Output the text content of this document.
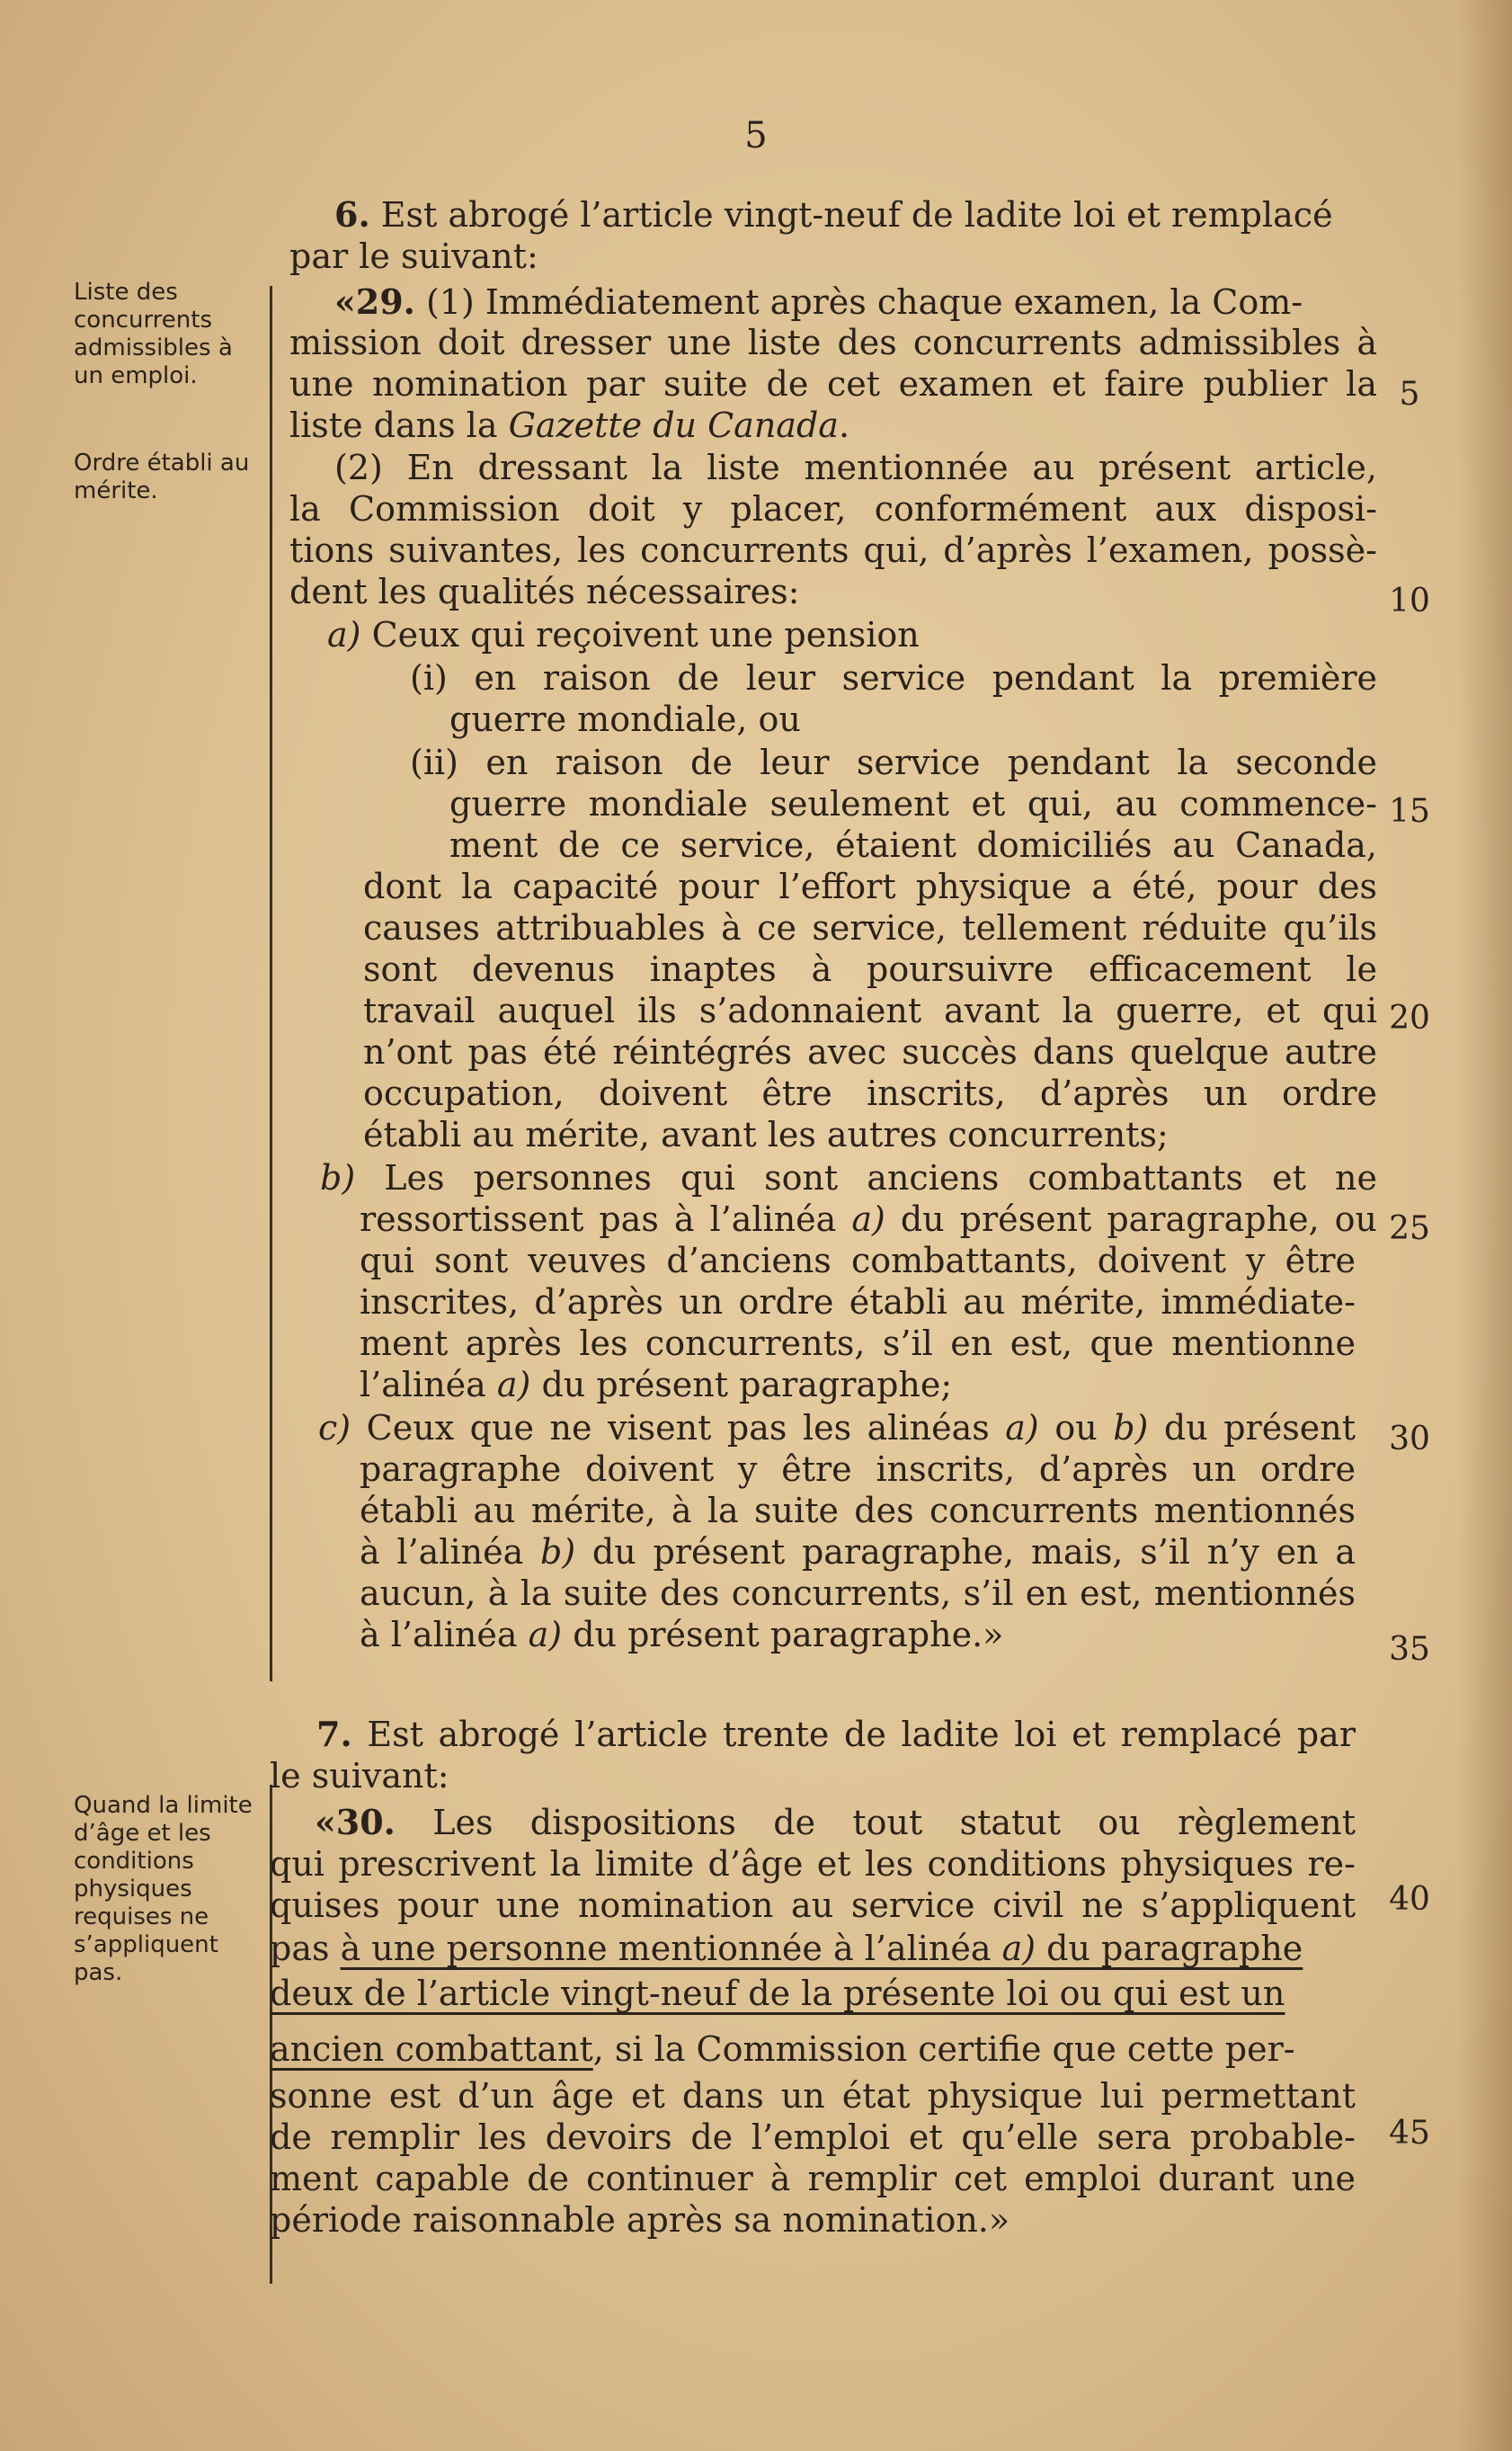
5
Liste des concurrents admissibles à un emploi.
Ordre établi au mérite.
Quand la limite d’âge et les conditions physiques requises ne s’appliquent pas.
6. Est abrogé l’article vingt-neuf de ladite loi et remplacé
par le suivant:
«29. (1) Immédiatement après chaque examen, la Com-
mission doit dresser une liste des concurrents admissibles à
une nomination par suite de cet examen et faire publier la
liste dans la Gazette du Canada.
(2) En dressant la liste mentionnée au présent article,
la Commission doit y placer, conformément aux disposi-
tions suivantes, les concurrents qui, d’après l’examen, possè-
dent les qualités nécessaires:
a) Ceux qui reçoivent une pension
(i) en raison de leur service pendant la première
guerre mondiale, ou
(ii) en raison de leur service pendant la seconde
guerre mondiale seulement et qui, au commence-
ment de ce service, étaient domiciliés au Canada,
dont la capacité pour l’effort physique a été, pour des
causes attribuables à ce service, tellement réduite qu’ils
sont devenus inaptes à poursuivre efficacement le
travail auquel ils s’adonnaient avant la guerre, et qui
n’ont pas été réintégrés avec succès dans quelque autre
occupation, doivent être inscrits, d’après un ordre
établi au mérite, avant les autres concurrents;
b) Les personnes qui sont anciens combattants et ne
ressortissent pas à l’alinéa a) du présent paragraphe, ou
qui sont veuves d’anciens combattants, doivent y être
inscrites, d’après un ordre établi au mérite, immédiate-
ment après les concurrents, s’il en est, que mentionne
l’alinéa a) du présent paragraphe;
c) Ceux que ne visent pas les alinéas a) ou b) du présent
paragraphe doivent y être inscrits, d’après un ordre
établi au mérite, à la suite des concurrents mentionnés
à l’alinéa b) du présent paragraphe, mais, s’il n’y en a
aucun, à la suite des concurrents, s’il en est, mentionnés
à l’alinéa a) du présent paragraphe.»
7. Est abrogé l’article trente de ladite loi et remplacé par
le suivant:
«30. Les dispositions de tout statut ou règlement
qui prescrivent la limite d’âge et les conditions physiques re-
quises pour une nomination au service civil ne s’appliquent
pas à une personne mentionnée à l’alinéa a) du paragraphe
deux de l’article vingt-neuf de la présente loi ou qui est un
ancien combattant, si la Commission certifie que cette per-
sonne est d’un âge et dans un état physique lui permettant
de remplir les devoirs de l’emploi et qu’elle sera probable-
ment capable de continuer à remplir cet emploi durant une
période raisonnable après sa nomination.»
5
10
15
20
25
30
35
40
45
